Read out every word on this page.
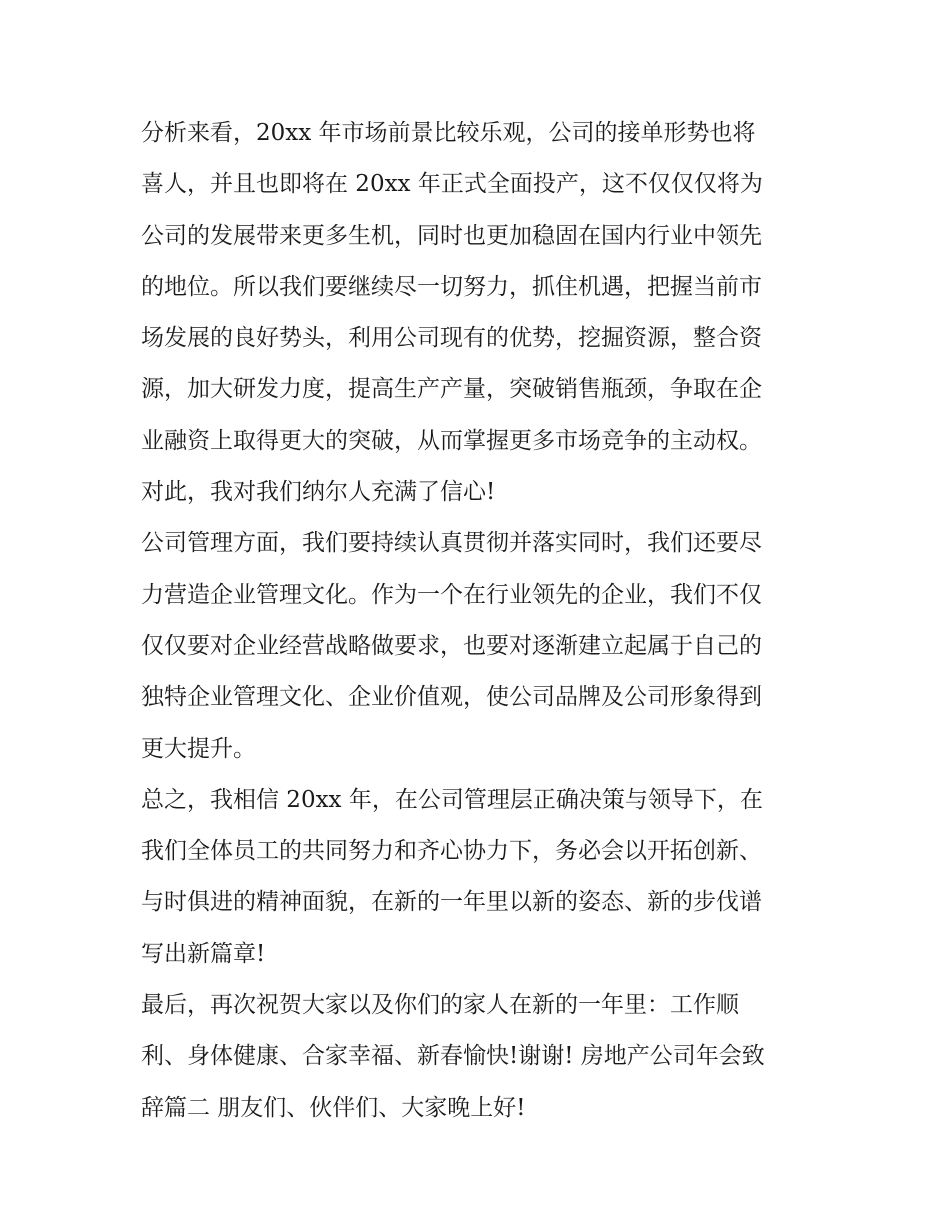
分析来看，20xx 年市场前景比较乐观，公司的接单形势也将
喜人，并且也即将在 20xx 年正式全面投产，这不仅仅仅将为
公司的发展带来更多生机，同时也更加稳固在国内行业中领先
的地位。所以我们要继续尽一切努力，抓住机遇，把握当前市
场发展的良好势头，利用公司现有的优势，挖掘资源，整合资
源，加大研发力度，提高生产产量，突破销售瓶颈，争取在企
业融资上取得更大的突破，从而掌握更多市场竞争的主动权。
对此，我对我们纳尔人充满了信心!
公司管理方面，我们要持续认真贯彻并落实同时，我们还要尽
力营造企业管理文化。作为一个在行业领先的企业，我们不仅
仅仅要对企业经营战略做要求，也要对逐渐建立起属于自己的
独特企业管理文化、企业价值观，使公司品牌及公司形象得到
更大提升。
总之，我相信 20xx 年，在公司管理层正确决策与领导下，在
我们全体员工的共同努力和齐心协力下，务必会以开拓创新、
与时俱进的精神面貌，在新的一年里以新的姿态、新的步伐谱
写出新篇章!
最后，再次祝贺大家以及你们的家人在新的一年里：工作顺
利、身体健康、合家幸福、新春愉快!谢谢! 房地产公司年会致
辞篇二 朋友们、伙伴们、大家晚上好!
